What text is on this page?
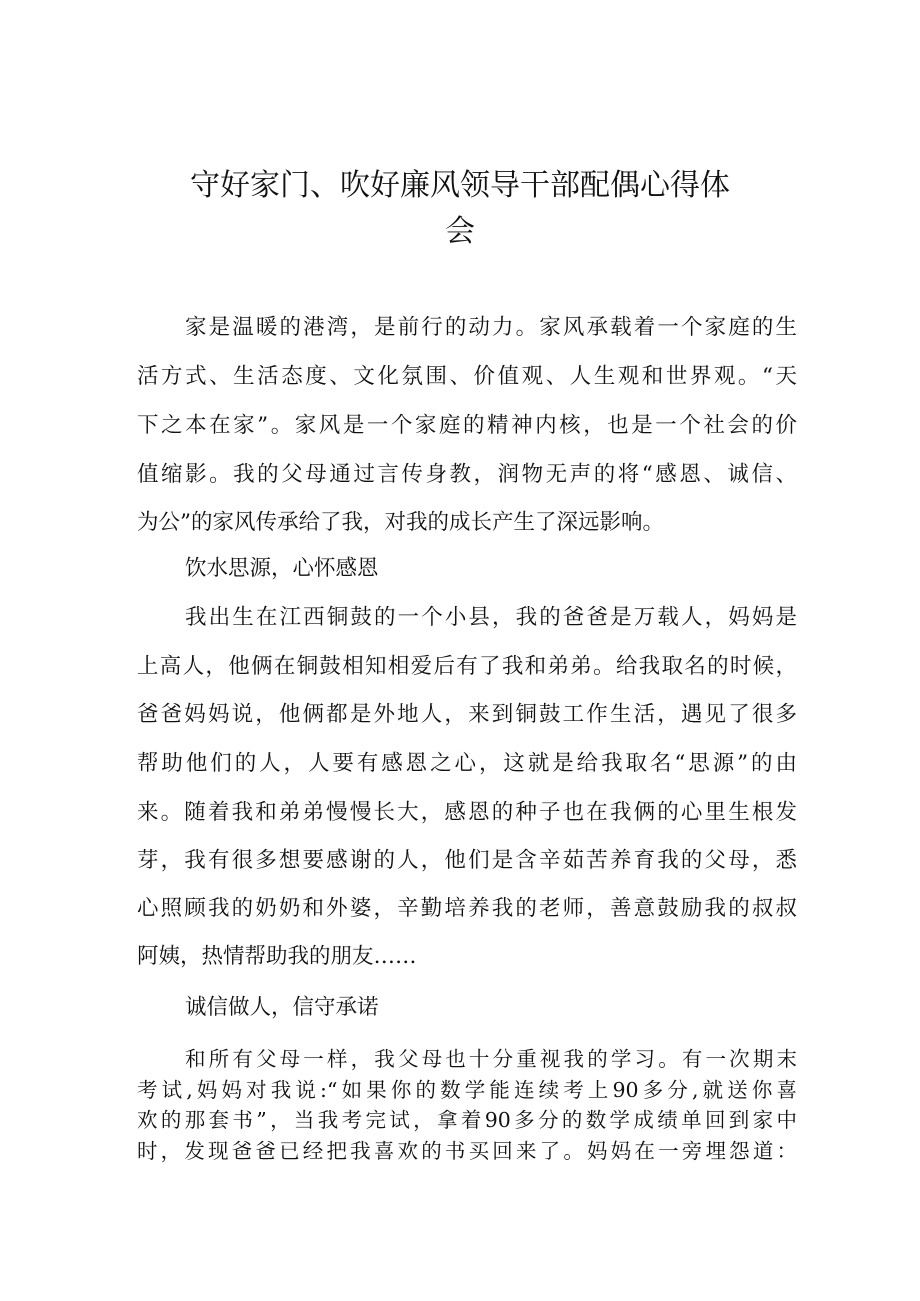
守好家门、吹好廉风领导干部配偶心得体
会
家是温暖的港湾，是前行的动力。家风承载着一个家庭的生
活方式、生活态度、文化氛围、价值观、人生观和世界观。“天
下之本在家”。家风是一个家庭的精神内核，也是一个社会的价
值缩影。我的父母通过言传身教，润物无声的将“感恩、诚信、
为公”的家风传承给了我，对我的成长产生了深远影响。
饮水思源，心怀感恩
我出生在江西铜鼓的一个小县，我的爸爸是万载人，妈妈是
上高人，他俩在铜鼓相知相爱后有了我和弟弟。给我取名的时候，
爸爸妈妈说，他俩都是外地人，来到铜鼓工作生活，遇见了很多
帮助他们的人，人要有感恩之心，这就是给我取名“思源”的由
来。随着我和弟弟慢慢长大，感恩的种子也在我俩的心里生根发
芽，我有很多想要感谢的人，他们是含辛茹苦养育我的父母，悉
心照顾我的奶奶和外婆，辛勤培养我的老师，善意鼓励我的叔叔
阿姨，热情帮助我的朋友……
诚信做人，信守承诺
和所有父母一样，我父母也十分重视我的学习。有一次期末
考试,妈妈对我说:“如果你的数学能连续考上90多分,就送你喜
欢的那套书”，当我考完试，拿着90多分的数学成绩单回到家中
时，发现爸爸已经把我喜欢的书买回来了。妈妈在一旁埋怨道：
